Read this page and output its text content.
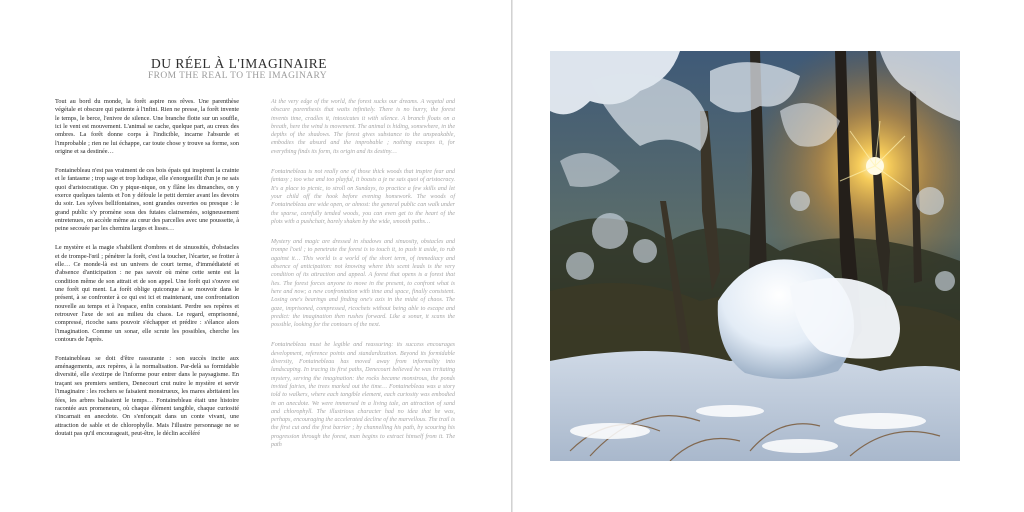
DU RÉEL À L'IMAGINAIRE
FROM THE REAL TO THE IMAGINARY

Tout au bord du monde, la forêt aspire nos rêves. Une parenthèse végétale et obscure qui patiente à l'infini. Rien ne presse, la forêt invente le temps, le berce, l'enivre de silence. Une branche flotte sur un souffle, ici le vent est mouvement. L'animal se cache, quelque part, au creux des ombres. La forêt donne corps à l'indicible, incarne l'absurde et l'improbable ; rien ne lui échappe, car toute chose y trouve sa forme, son origine et sa destinée…

Fontainebleau n'est pas vraiment de ces bois épais qui inspirent la crainte et le fantasme ; trop sage et trop ludique, elle s'enorgueillit d'un je ne sais quoi d'aristocratique. On y pique-nique, on y flâne les dimanches, on y exerce quelques talents et l'on y défoule le petit dernier avant les devoirs du soir. Les sylves bellifontaines, sont grandes ouvertes ou presque : le grand public s'y promène sous des futaies clairsemées, soigneusement entretenues, on accède même au cœur des parcelles avec une poussette, à peine secouée par les chemins larges et lisses…

Le mystère et la magie s'habillent d'ombres et de sinuosités, d'obstacles et de trompe-l'œil ; pénétrer la forêt, c'est la toucher, l'écarter, se frotter à elle… Ce monde-là est un univers de court terme, d'immédiateté et d'absence d'anticipation : ne pas savoir où mène cette sente est la condition même de son attrait et de son appel. Une forêt qui s'ouvre est une forêt qui ment. La forêt oblige quiconque à se mouvoir dans le présent, à se confronter à ce qui est ici et maintenant, une confrontation nouvelle au temps et à l'espace, enfin consistant. Perdre ses repères et retrouver l'axe de soi au milieu du chaos. Le regard, emprisonné, compressé, ricoche sans pouvoir s'échapper et prédire : s'élance alors l'imagination. Comme un sonar, elle scrute les possibles, cherche les contours de l'après.

Fontainebleau se doit d'être rassurante : son succès incite aux aménagements, aux repères, à la normalisation. Par-delà sa formidable diversité, elle s'extirpe de l'informe pour entrer dans le paysagisme. En traçant ses premiers sentiers, Denecourt crut nuire le mystère et servir l'imaginaire : les rochers se faisaient monstrueux, les mares abritaient les fées, les arbres balisaient le temps… Fontainebleau était une histoire racontée aux promeneurs, où chaque élément tangible, chaque curiosité s'incarnait en anecdote. On s'enfonçait dans un conte vivant, une attraction de sable et de chlorophylle. Mais l'illustre personnage ne se doutait pas qu'il encourageait, peut-être, le déclin accéléré

At the very edge of the world, the forest sucks our dreams. A vegetal and obscure parenthesis that waits infinitely. There is no hurry, the forest invents time, cradles it, intoxicates it with silence. A branch floats on a breath, here the wind is movement. The animal is hiding, somewhere, in the depths of the shadows. The forest gives substance to the unspeakable, embodies the absurd and the improbable ; nothing escapes it, for everything finds its form, its origin and its destiny…

Fontainebleau is not really one of those thick woods that inspire fear and fantasy ; too wise and too playful, it boasts a je ne sais quoi of aristocracy. It's a place to picnic, to stroll on Sundays, to practice a few skills and let your child off the hook before evening homework. The woods of Fontainebleau are wide open, or almost: the general public can walk under the sparse, carefully tended woods, you can even get to the heart of the plots with a pushchair, barely shaken by the wide, smooth paths…

Mystery and magic are dressed in shadows and sinuosity, obstacles and trompe l'oeil ; to penetrate the forest is to touch it, to push it aside, to rub against it… This world is a world of the short term, of immediacy and absence of anticipation: not knowing where this scent leads is the very condition of its attraction and appeal. A forest that opens is a forest that lies. The forest forces anyone to move in the present, to confront what is here and now; a new confrontation with time and space, finally consistent. Losing one's bearings and finding one's axis in the midst of chaos. The gaze, imprisoned, compressed, ricochets without being able to escape and predict: the imagination then rushes forward. Like a sonar, it scans the possible, looking for the contours of the next.

Fontainebleau must be legible and reassuring: its success encourages development, reference points and standardization. Beyond its formidable diversity, Fontainebleau has moved away from informality into landscaping. In tracing its first paths, Denecourt believed he was irritating mystery, serving the imagination: the rocks became monstrous, the ponds invited fairies, the trees marked out the time… Fontainebleau was a story told to walkers, where each tangible element, each curiosity was embodied in an anecdote. We were immersed in a living tale, an attraction of sand and chlorophyll. The illustrious character had no idea that he was, perhaps, encouraging the accelerated decline of the marvellous. The trail is the first cut and the first barrier ; by channelling his path, by scouring his progression through the forest, man begins to extract himself from it. The path
